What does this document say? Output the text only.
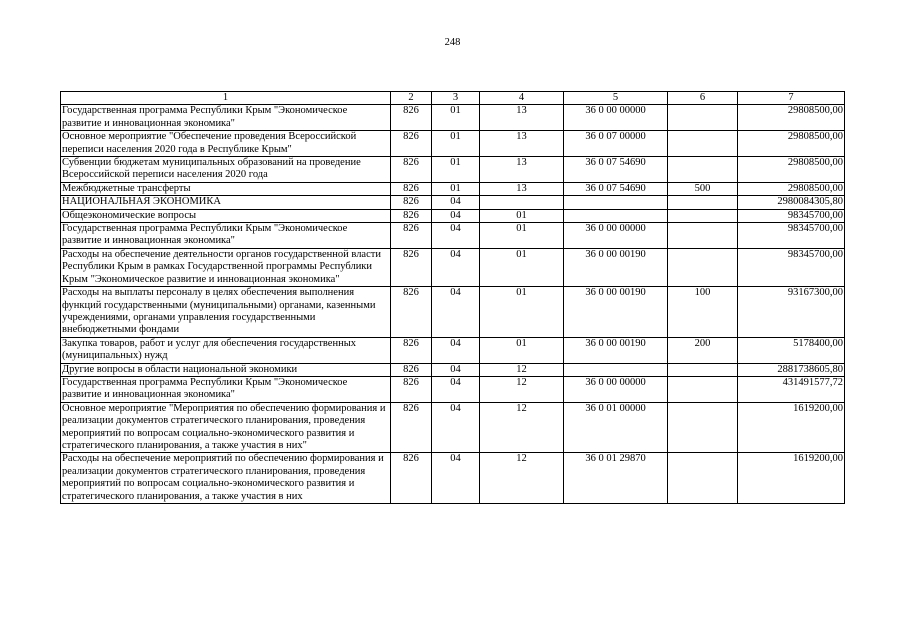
248
1	2	3	4	5	6	7
Государственная программа Республики Крым "Экономическое развитие и инновационная экономика"	826	01	13	36 0 00 00000		29808500,00
Основное мероприятие "Обеспечение проведения Всероссийской переписи населения 2020 года в Республике Крым"	826	01	13	36 0 07 00000		29808500,00
Субвенции бюджетам муниципальных образований на проведение Всероссийской переписи населения 2020 года	826	01	13	36 0 07 54690		29808500,00
Межбюджетные трансферты	826	01	13	36 0 07 54690	500	29808500,00
НАЦИОНАЛЬНАЯ ЭКОНОМИКА	826	04				2980084305,80
Общеэкономические вопросы	826	04	01			98345700,00
Государственная программа Республики Крым "Экономическое развитие и инновационная экономика"	826	04	01	36 0 00 00000		98345700,00
Расходы на обеспечение деятельности органов государственной власти Республики Крым в рамках Государственной программы Республики Крым "Экономическое развитие и инновационная экономика"	826	04	01	36 0 00 00190		98345700,00
Расходы на выплаты персоналу в целях обеспечения выполнения функций государственными (муниципальными) органами, казенными учреждениями, органами управления государственными внебюджетными фондами	826	04	01	36 0 00 00190	100	93167300,00
Закупка товаров, работ и услуг для обеспечения государственных (муниципальных) нужд	826	04	01	36 0 00 00190	200	5178400,00
Другие вопросы в области национальной экономики	826	04	12			2881738605,80
Государственная программа Республики Крым "Экономическое развитие и инновационная экономика"	826	04	12	36 0 00 00000		431491577,72
Основное мероприятие "Мероприятия по обеспечению формирования и реализации документов стратегического планирования, проведения мероприятий по вопросам социально-экономического развития и стратегического планирования, а также участия в них"	826	04	12	36 0 01 00000		1619200,00
Расходы на обеспечение мероприятий по обеспечению формирования и реализации документов стратегического планирования, проведения мероприятий по вопросам социально-экономического развития и стратегического планирования, а также участия в них	826	04	12	36 0 01 29870		1619200,00
